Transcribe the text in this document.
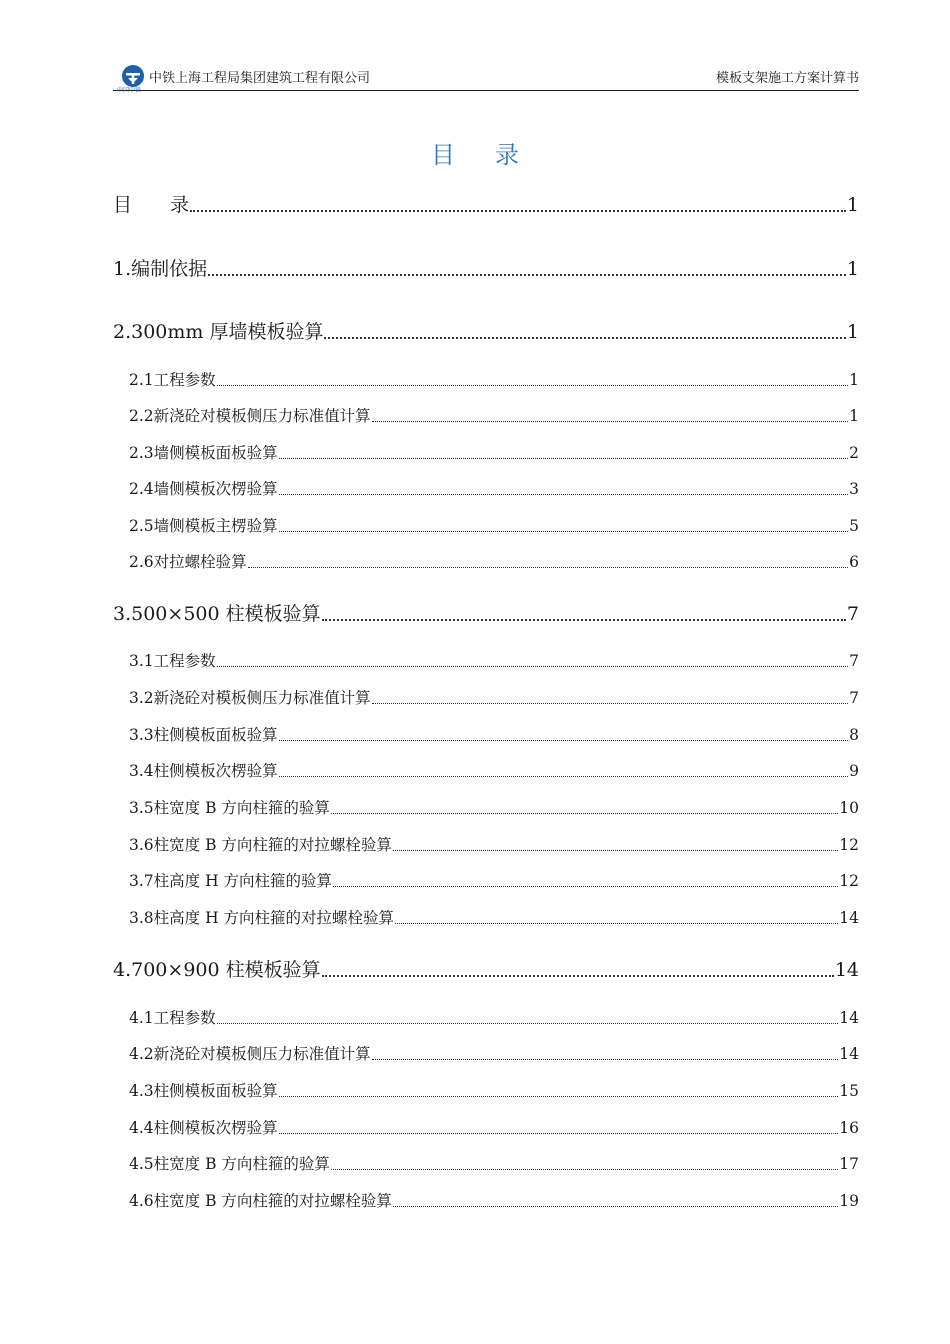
中国中铁
中铁上海工程局集团建筑工程有限公司	模板支架施工方案计算书
目录
目　　录	1
1.编制依据	1
2.300mm 厚墙模板验算	1
2.1工程参数	1
2.2新浇砼对模板侧压力标准值计算	1
2.3墙侧模板面板验算	2
2.4墙侧模板次楞验算	3
2.5墙侧模板主楞验算	5
2.6对拉螺栓验算	6
3.500×500 柱模板验算	7
3.1工程参数	7
3.2新浇砼对模板侧压力标准值计算	7
3.3柱侧模板面板验算	8
3.4柱侧模板次楞验算	9
3.5柱宽度 B 方向柱箍的验算	10
3.6柱宽度 B 方向柱箍的对拉螺栓验算	12
3.7柱高度 H 方向柱箍的验算	12
3.8柱高度 H 方向柱箍的对拉螺栓验算	14
4.700×900 柱模板验算	14
4.1工程参数	14
4.2新浇砼对模板侧压力标准值计算	14
4.3柱侧模板面板验算	15
4.4柱侧模板次楞验算	16
4.5柱宽度 B 方向柱箍的验算	17
4.6柱宽度 B 方向柱箍的对拉螺栓验算	19
